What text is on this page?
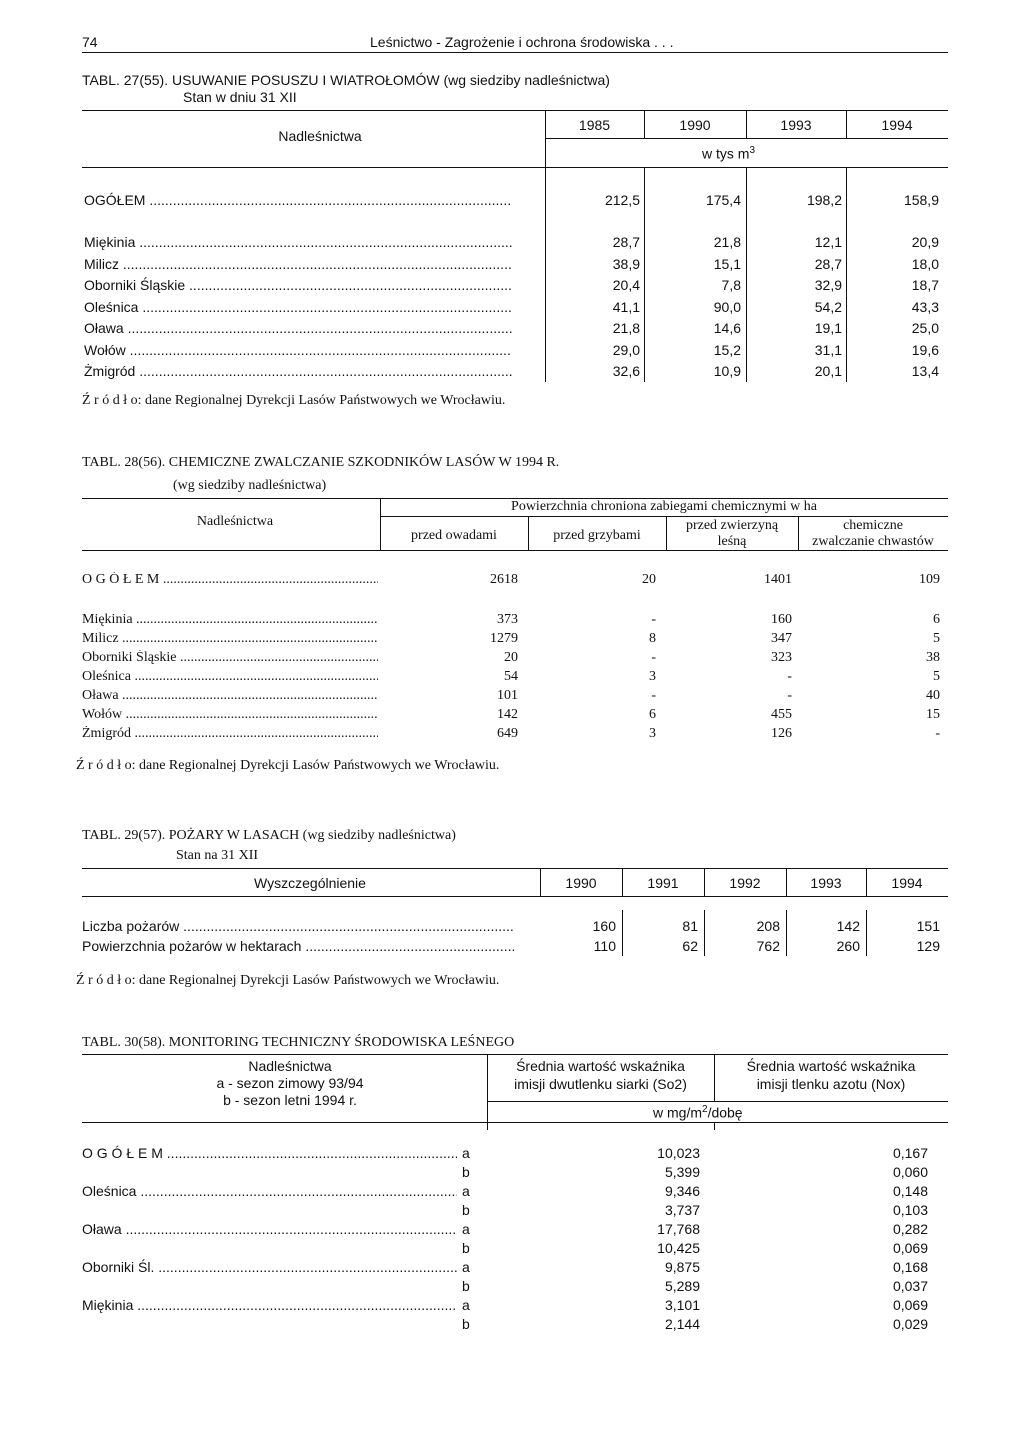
74	Leśnictwo - Zagrożenie i ochrona środowiska . . .
TABL. 27(55). USUWANIE POSUSZU I WIATROŁOMÓW (wg siedziby nadleśnictwa)
Stan w dniu 31 XII
Nadleśnictwa
1985	1990	1993	1994
w tys $m^3$
OGÓŁEM .....	212,5	175,4	198,2	158,9
Miękinia .....	28,7	21,8	12,1	20,9
Milicz .....	38,9	15,1	28,7	18,0
Oborniki Śląskie .....	20,4	7,8	32,9	18,7
Oleśnica .....	41,1	90,0	54,2	43,3
Oława .....	21,8	14,6	19,1	25,0
Wołów .....	29,0	15,2	31,1	19,6
Żmigród .....	32,6	10,9	20,1	13,4
Ź r ó d ł o: dane Regionalnej Dyrekcji Lasów Państwowych we Wrocławiu.
TABL. 28(56). CHEMICZNE ZWALCZANIE SZKODNIKÓW LASÓW W 1994 R.
(wg siedziby nadleśnictwa)
Nadleśnictwa
Powierzchnia chroniona zabiegami chemicznymi w ha
przed owadami	przed grzybami
przed zwierzyną
leśną
chemiczne
zwalczanie chwastów
O G Ó Ł E M .....	2618	20	1401	109
Miękinia .....	373	-	160	6
Milicz .....	1279	8	347	5
Oborniki Śląskie .....	20	-	323	38
Oleśnica .....	54	3	-	5
Oława .....	101	-	-	40
Wołów .....	142	6	455	15
Żmigród .....	649	3	126	-
Ź r ó d ł o: dane Regionalnej Dyrekcji Lasów Państwowych we Wrocławiu.
TABL. 29(57). POŻARY W LASACH (wg siedziby nadleśnictwa)
Stan na 31 XII
Wyszczególnienie	1990	1991	1992	1993	1994
Liczba pożarów .....	160	81	208	142	151
Powierzchnia pożarów w hektarach .....	110	62	762	260	129
Ź r ó d ł o: dane Regionalnej Dyrekcji Lasów Państwowych we Wrocławiu.
TABL. 30(58). MONITORING TECHNICZNY ŚRODOWISKA LEŚNEGO
Nadleśnictwa
a - sezon zimowy 93/94
b - sezon letni 1994 r.
Średnia wartość wskaźnika
imisji dwutlenku siarki (So2)
Średnia wartość wskaźnika
imisji tlenku azotu (Nox)
w $mg/m^2$/dobę
O G Ó Ł E M .....	a	10,023	0,167
b	5,399	0,060
Oleśnica .....	a	9,346	0,148
b	3,737	0,103
Oława .....	a	17,768	0,282
b	10,425	0,069
Oborniki Śl. .....	a	9,875	0,168
b	5,289	0,037
Miękinia .....	a	3,101	0,069
b	2,144	0,029
